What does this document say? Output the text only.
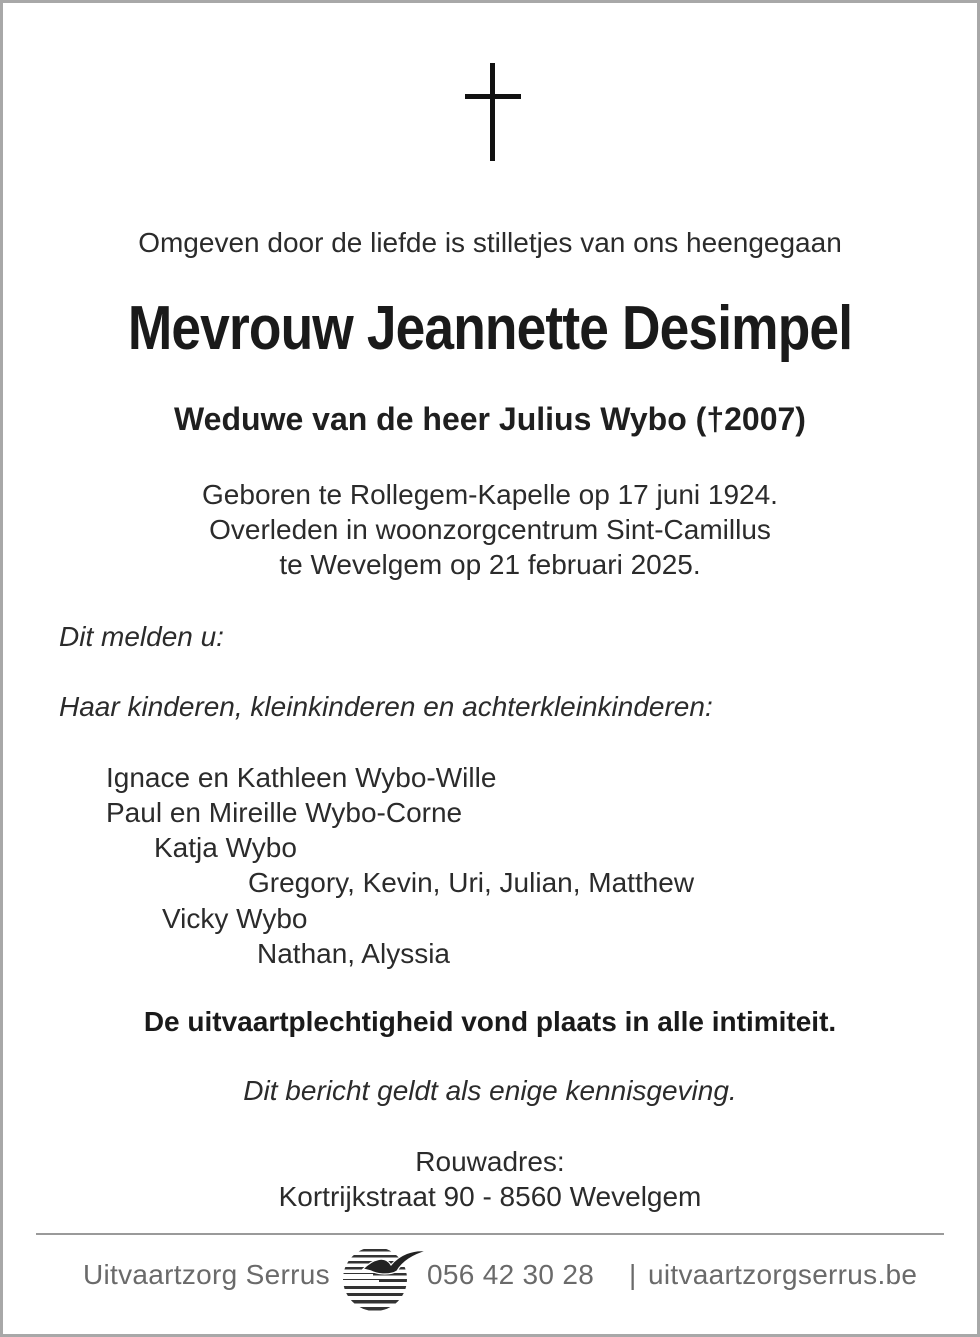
Omgeven door de liefde is stilletjes van ons heengegaan
Mevrouw Jeannette Desimpel
Weduwe van de heer Julius Wybo (†2007)
Geboren te Rollegem-Kapelle op 17 juni 1924.
Overleden in woonzorgcentrum Sint-Camillus
te Wevelgem op 21 februari 2025.
Dit melden u:
Haar kinderen, kleinkinderen en achterkleinkinderen:
Ignace en Kathleen Wybo-Wille
Paul en Mireille Wybo-Corne
Katja Wybo
Gregory, Kevin, Uri, Julian, Matthew
Vicky Wybo
Nathan, Alyssia
De uitvaartplechtigheid vond plaats in alle intimiteit.
Dit bericht geldt als enige kennisgeving.
Rouwadres:
Kortrijkstraat 90 - 8560 Wevelgem
Uitvaartzorg Serrus	056 42 30 28 | uitvaartzorgserrus.be
